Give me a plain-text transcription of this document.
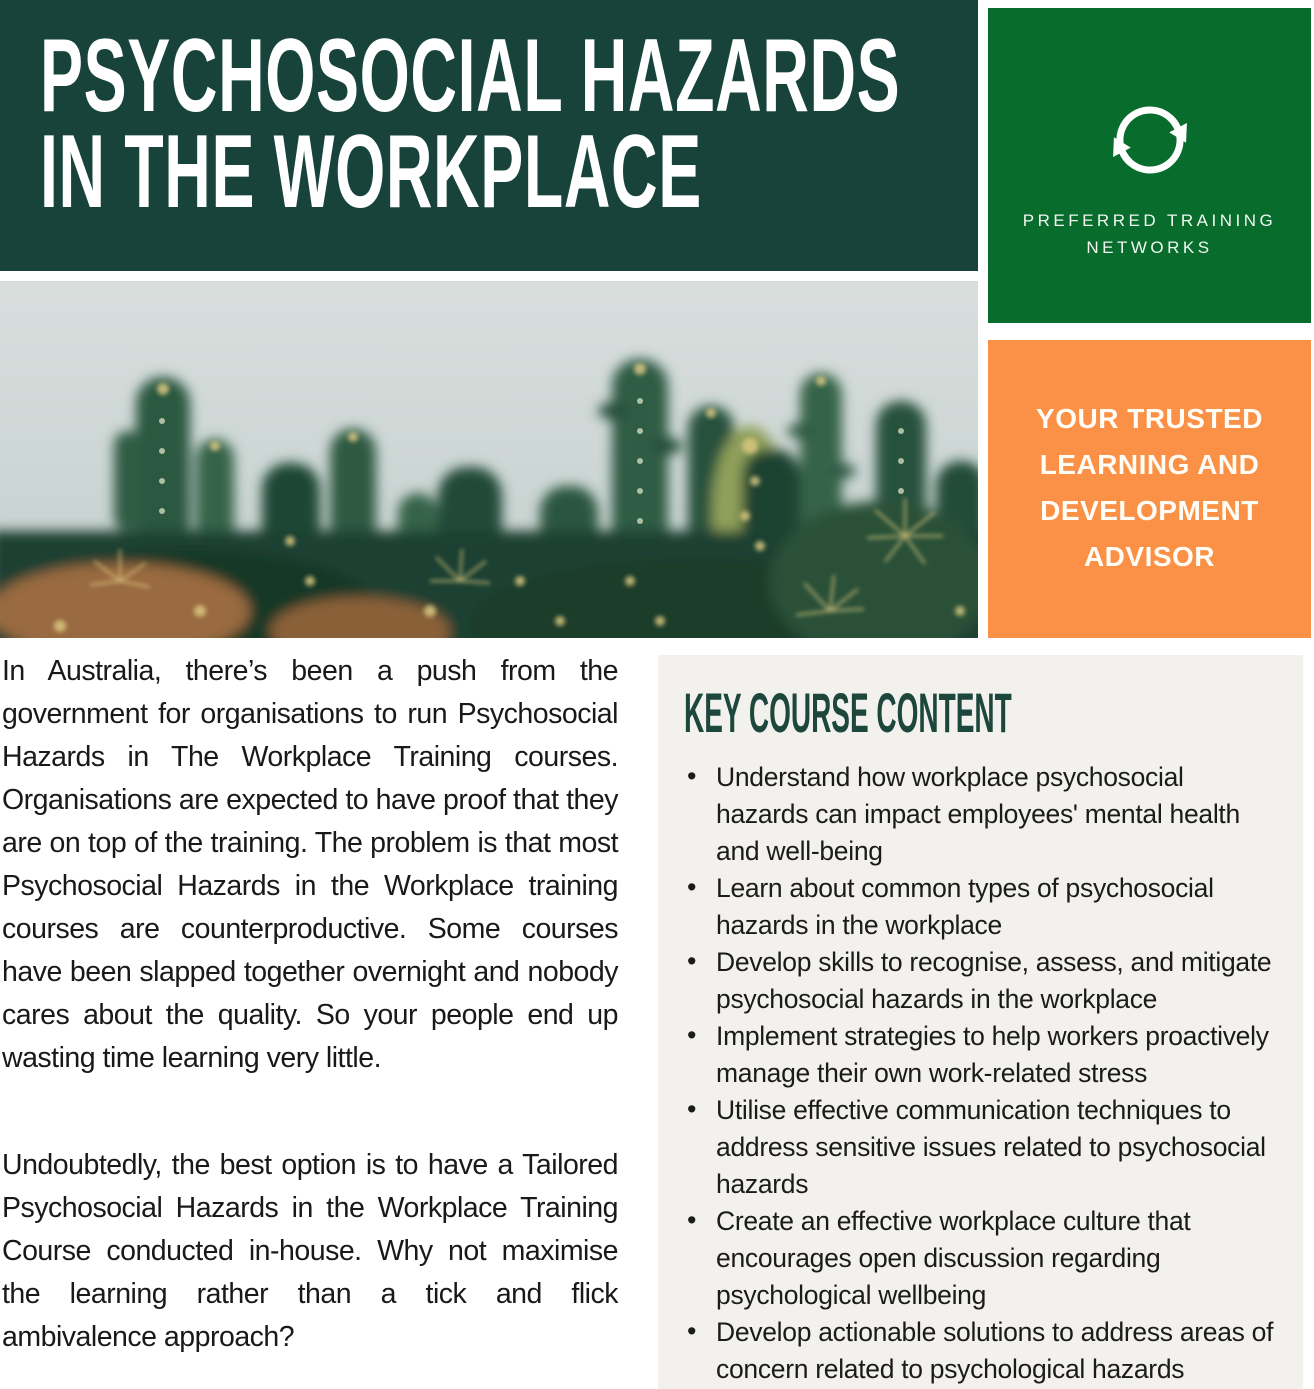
PSYCHOSOCIAL HAZARDS
IN THE WORKPLACE	PREFERRED TRAINING
NETWORKS
YOUR TRUSTED
LEARNING AND
DEVELOPMENT
ADVISOR

In Australia, there’s been a push from the government for organisations to run Psychosocial Hazards in The Workplace Training courses. Organisations are expected to have proof that they are on top of the training. The problem is that most Psychosocial Hazards in the Workplace training courses are counterproductive. Some courses have been slapped together overnight and nobody cares about the quality. So your people end up wasting time learning very little.

Undoubtedly, the best option is to have a Tailored Psychosocial Hazards in the Workplace Training Course conducted in-house. Why not maximise the learning rather than a tick and flick ambivalence approach?

KEY COURSE CONTENT
• Understand how workplace psychosocial hazards can impact employees' mental health and well-being
• Learn about common types of psychosocial hazards in the workplace
• Develop skills to recognise, assess, and mitigate psychosocial hazards in the workplace
• Implement strategies to help workers proactively manage their own work-related stress
• Utilise effective communication techniques to address sensitive issues related to psychosocial hazards
• Create an effective workplace culture that encourages open discussion regarding psychological wellbeing
• Develop actionable solutions to address areas of concern related to psychological hazards
